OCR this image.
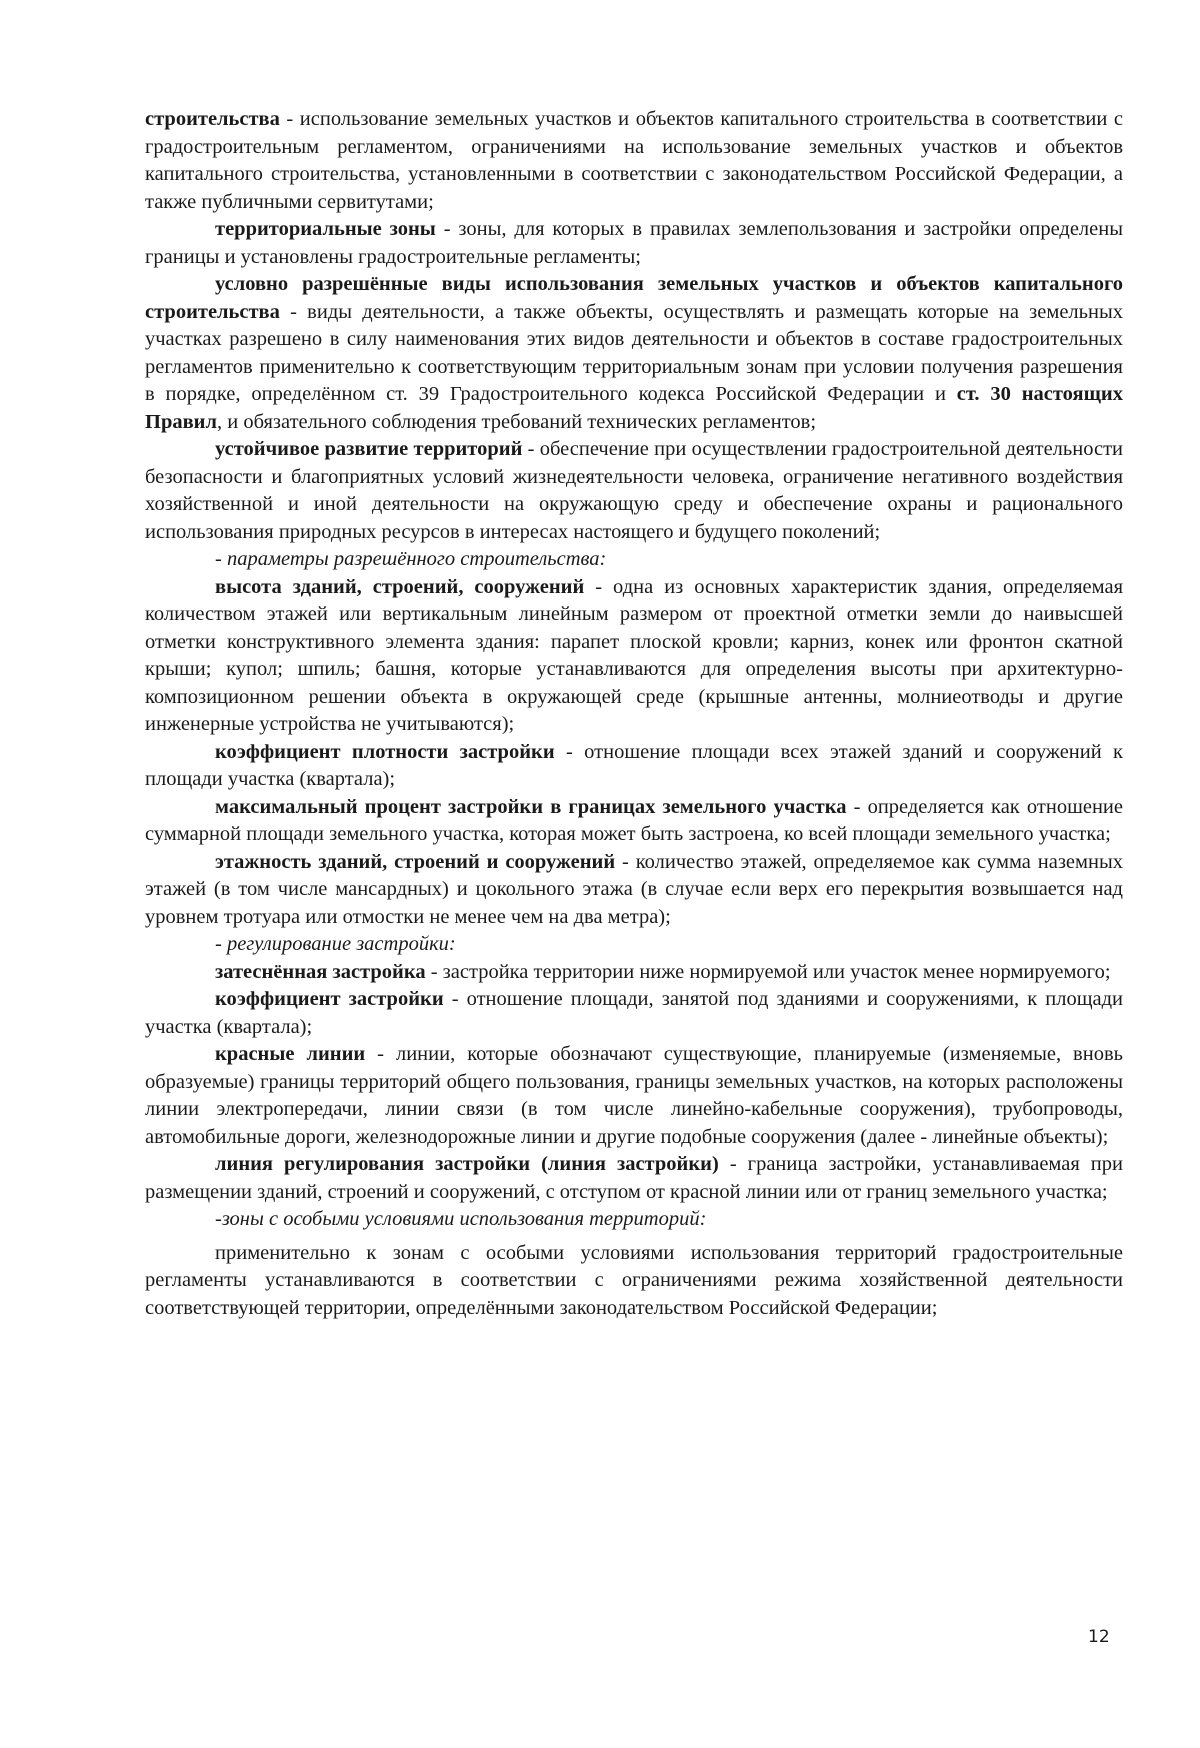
строительства - использование земельных участков и объектов капитального строительства в соответствии с градостроительным регламентом, ограничениями на использование земельных участков и объектов капитального строительства, установленными в соответствии с законодательством Российской Федерации, а также публичными сервитутами;

территориальные зоны - зоны, для которых в правилах землепользования и застройки определены границы и установлены градостроительные регламенты;

условно разрешённые виды использования земельных участков и объектов капитального строительства - виды деятельности, а также объекты, осуществлять и размещать которые на земельных участках разрешено в силу наименования этих видов деятельности и объектов в составе градостроительных регламентов применительно к соответствующим территориальным зонам при условии получения разрешения в порядке, определённом ст. 39 Градостроительного кодекса Российской Федерации и ст. 30 настоящих Правил, и обязательного соблюдения требований технических регламентов;

устойчивое развитие территорий - обеспечение при осуществлении градостроительной деятельности безопасности и благоприятных условий жизнедеятельности человека, ограничение негативного воздействия хозяйственной и иной деятельности на окружающую среду и обеспечение охраны и рационального использования природных ресурсов в интересах настоящего и будущего поколений;

- параметры разрешённого строительства:

высота зданий, строений, сооружений - одна из основных характеристик здания, определяемая количеством этажей или вертикальным линейным размером от проектной отметки земли до наивысшей отметки конструктивного элемента здания: парапет плоской кровли; карниз, конек или фронтон скатной крыши; купол; шпиль; башня, которые устанавливаются для определения высоты при архитектурно-композиционном решении объекта в окружающей среде (крышные антенны, молниеотводы и другие инженерные устройства не учитываются);

коэффициент плотности застройки - отношение площади всех этажей зданий и сооружений к площади участка (квартала);

максимальный процент застройки в границах земельного участка - определяется как отношение суммарной площади земельного участка, которая может быть застроена, ко всей площади земельного участка;

этажность зданий, строений и сооружений - количество этажей, определяемое как сумма наземных этажей (в том числе мансардных) и цокольного этажа (в случае если верх его перекрытия возвышается над уровнем тротуара или отмостки не менее чем на два метра);

- регулирование застройки:

затеснённая застройка - застройка территории ниже нормируемой или участок менее нормируемого;

коэффициент застройки - отношение площади, занятой под зданиями и сооружениями, к площади участка (квартала);

красные линии - линии, которые обозначают существующие, планируемые (изменяемые, вновь образуемые) границы территорий общего пользования, границы земельных участков, на которых расположены линии электропередачи, линии связи (в том числе линейно-кабельные сооружения), трубопроводы, автомобильные дороги, железнодорожные линии и другие подобные сооружения (далее - линейные объекты);

линия регулирования застройки (линия застройки) - граница застройки, устанавливаемая при размещении зданий, строений и сооружений, с отступом от красной линии или от границ земельного участка;

-зоны с особыми условиями использования территорий:

применительно к зонам с особыми условиями использования территорий градостроительные регламенты устанавливаются в соответствии с ограничениями режима хозяйственной деятельности соответствующей территории, определёнными законодательством Российской Федерации;

12
